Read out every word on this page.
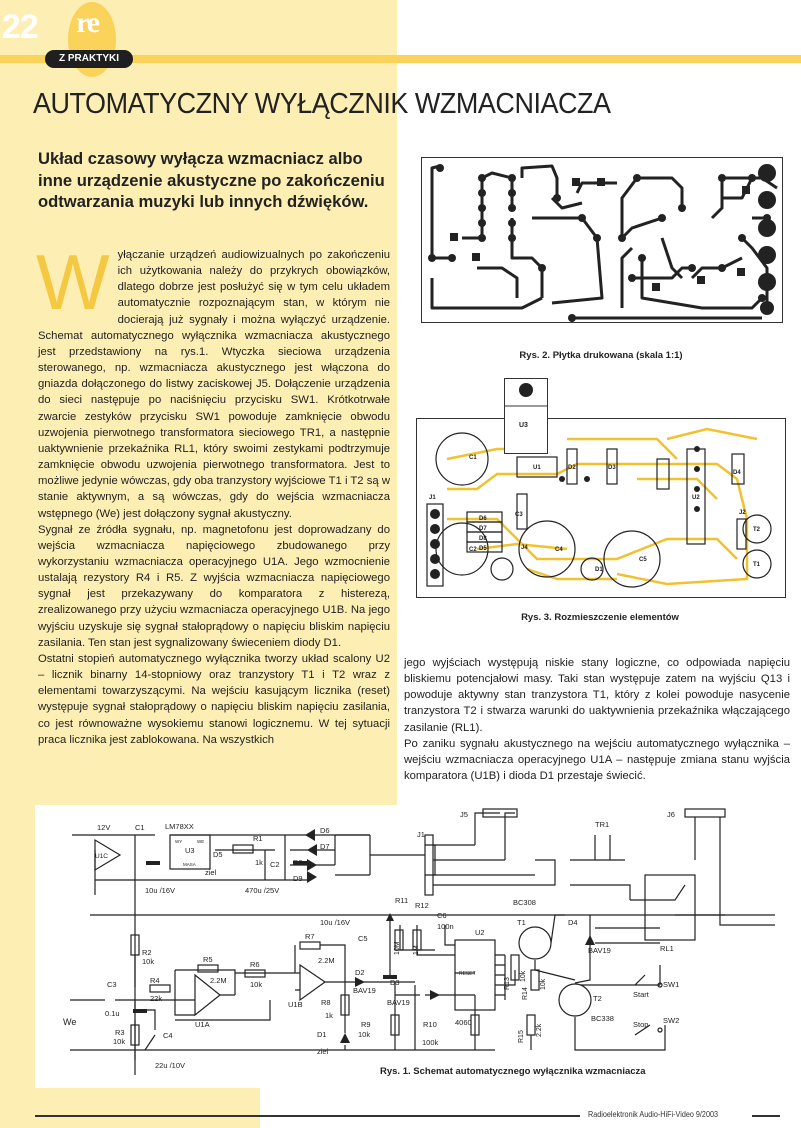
22 re
Z PRAKTYKI
AUTOMATYCZNY WYŁĄCZNIK WZMACNIACZA
Układ czasowy wyłącza wzmacniacz albo inne urządzenie akustyczne po zakończeniu odtwarzania muzyki lub innych dźwięków.

Wyłączanie urządzeń audiowizualnych po zakończeniu ich użytkowania należy do przykrych obowiązków, dlatego dobrze jest posłużyć się w tym celu układem automatycznie rozpoznającym stan, w którym nie docierają już sygnały i można wyłączyć urządzenie. Schemat automatycznego wyłącznika wzmacniacza akustycznego jest przedstawiony na rys.1. Wtyczka sieciowa urządzenia sterowanego, np. wzmacniacza akustycznego jest włączona do gniazda dołączonego do listwy zaciskowej J5. Dołączenie urządzenia do sieci następuje po naciśnięciu przycisku SW1. Krótkotrwałe zwarcie zestyków przycisku SW1 powoduje zamknięcie obwodu uzwojenia pierwotnego transformatora sieciowego TR1, a następnie uaktywnienie przekaźnika RL1, który swoimi zestykami podtrzymuje zamknięcie obwodu uzwojenia pierwotnego transformatora. Jest to możliwe jedynie wówczas, gdy oba tranzystory wyjściowe T1 i T2 są w stanie aktywnym, a są wówczas, gdy do wejścia wzmacniacza wstępnego (We) jest dołączony sygnał akustyczny.

Sygnał ze źródła sygnału, np. magnetofonu jest doprowadzany do wejścia wzmacniacza napięciowego zbudowanego przy wykorzystaniu wzmacniacza operacyjnego U1A. Jego wzmocnienie ustalają rezystory R4 i R5. Z wyjścia wzmacniacza napięciowego sygnał jest przekazywany do komparatora z histerezą, zrealizowanego przy użyciu wzmacniacza operacyjnego U1B. Na jego wyjściu uzyskuje się sygnał stałoprądowy o napięciu bliskim napięciu zasilania. Ten stan jest sygnalizowany świeceniem diody D1.

Ostatni stopień automatycznego wyłącznika tworzy układ scalony U2 – licznik binarny 14-stopniowy oraz tranzystory T1 i T2 wraz z elementami towarzyszącymi. Na wejściu kasującym licznika (reset) występuje sygnał stałoprądowy o napięciu bliskim napięciu zasilania, co jest równoważne wysokiemu stanowi logicznemu. W tej sytuacji praca licznika jest zablokowana. Na wszystkich

jego wyjściach występują niskie stany logiczne, co odpowiada napięciu bliskiemu potencjałowi masy. Taki stan występuje zatem na wyjściu Q13 i powoduje aktywny stan tranzystora T1, który z kolei powoduje nasycenie tranzystora T2 i stwarza warunki do uaktywnienia przekaźnika włączającego zasilanie (RL1).

Po zaniku sygnału akustycznego na wejściu automatycznego wyłącznika – wejściu wzmacniacza operacyjnego U1A – następuje zmiana stanu wyjścia komparatora (U1B) i dioda D1 przestaje świecić.

Rys. 2. Płytka drukowana (skala 1:1)
J1
C1
C2
C3
C4
C5
D6
D7
D8
D5
U1
U2
D2	D3
D4
J2
T2
T1
D1
J4
U3
Rys. 3. Rozmieszczenie elementów
12V	C1	LM78XX
U3
U1C
WY	WE
MASA
D5
R1
1k C2
D6
D7
D8
D9
ziel
10u /16V	470u /25V
J1
J5
TR1
J6
RL1
R11
R12
10u /16V
C5
C6
100n
U2
RESET
4060
BC308
T1	D4
BAV19
R2
10k
C3
0.1u
R4
22k
R5
2.2M
R6
10k
R7
2.2M
U1A
U1B
D2
BAV19
D3
BAV19
R8
1k
D1
ziel
R9
10k
R10
100k
R3
10k
C4
22u /10V
We
Start
SW1
Stop SW2
T2
BC338
10M 1M
R13
10k
R14
10k
R15 2.2k
Rys. 1. Schemat automatycznego wyłącznika wzmacniacza
Radioelektronik Audio-HiFi-Video 9/2003
